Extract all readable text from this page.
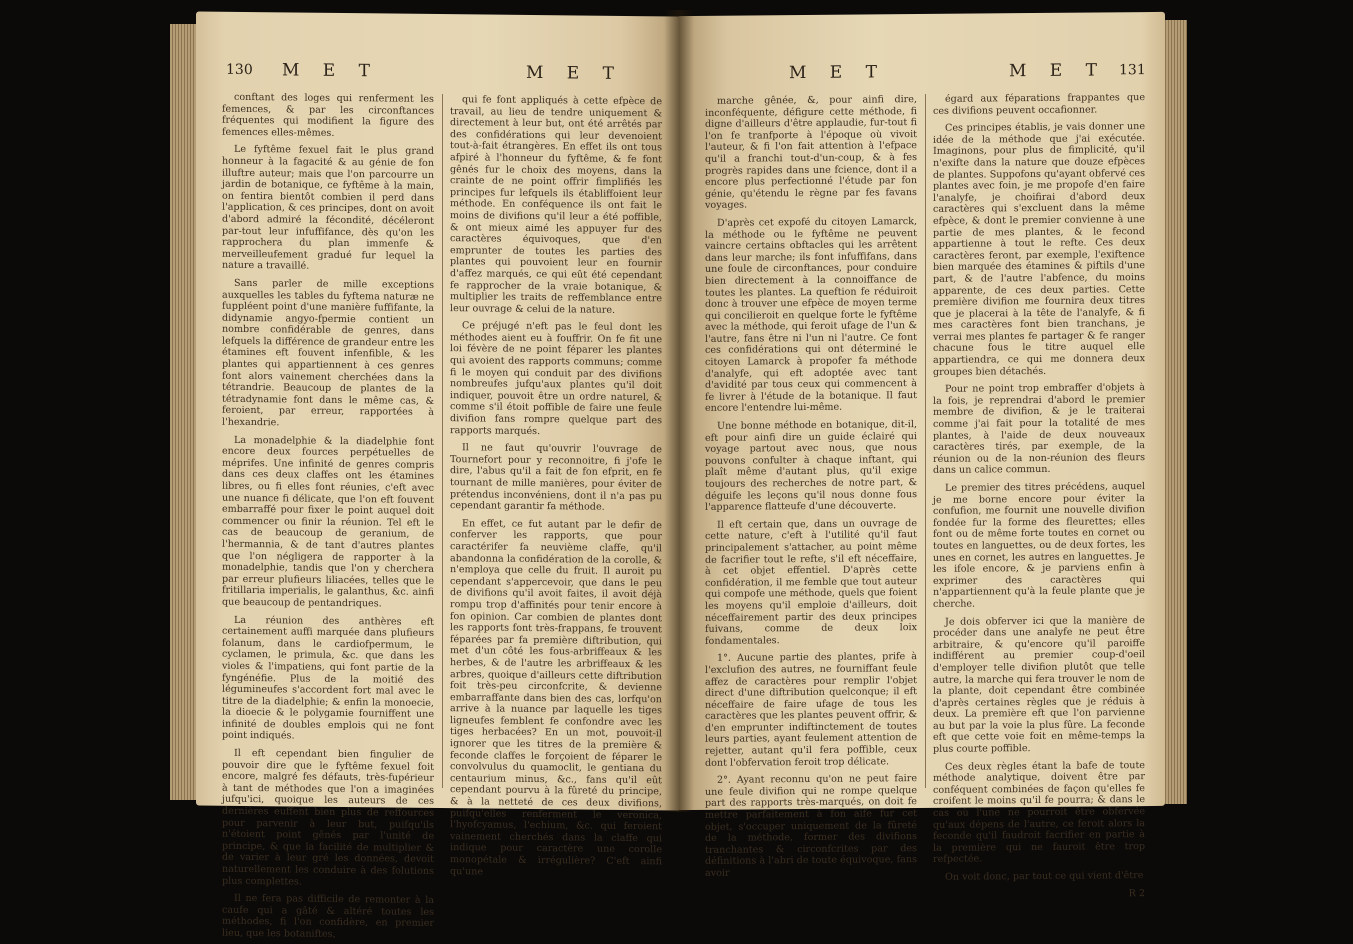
130 M E T	M E T

conftant des loges qui renferment les femences, & par les circonftances fréquentes qui modifient la figure des femences elles-mêmes.

Le fyftême fexuel fait le plus grand honneur à la fagacité & au génie de fon illuftre auteur; mais que l'on parcourre un jardin de botanique, ce fyftême à la main, on fentira bientôt combien il perd dans l'application, & ces principes, dont on avoit d'abord admiré la fécondité, décéleront par-tout leur infuffifance, dès qu'on les rapprochera du plan immenfe & merveilleufement gradué fur lequel la nature a travaillé.

Sans parler de mille exceptions auxquelles les tables du fyftema naturæ ne fuppléent point d'une manière fuffifante, la didynamie angyo-fpermie contient un nombre confidérable de genres, dans lefquels la différence de grandeur entre les étamines eft fouvent infenfible, & les plantes qui appartiennent à ces genres font alors vainement cherchées dans la tétrandrie. Beaucoup de plantes de la tétradynamie font dans le même cas, & feroient, par erreur, rapportées à l'hexandrie.

La monadelphie & la diadelphie font encore deux fources perpétuelles de méprifes. Une infinité de genres compris dans ces deux claffes ont les étamines libres, ou fi elles font réunies, c'eft avec une nuance fi délicate, que l'on eft fouvent embarraffé pour fixer le point auquel doit commencer ou finir la réunion. Tel eft le cas de beaucoup de geranium, de l'hermannia, & de tant d'autres plantes que l'on négligera de rapporter à la monadelphie, tandis que l'on y cherchera par erreur plufieurs liliacées, telles que le fritillaria imperialis, le galanthus, &c. ainfi que beaucoup de pentandriques.

La réunion des anthères eft certainement auffi marquée dans plufieurs folanum, dans le cardiofpermum, le cyclamen, le primula, &c. que dans les violes & l'impatiens, qui font partie de la fyngénéfie. Plus de la moitié des légumineufes s'accordent fort mal avec le titre de la diadelphie; & enfin la monoecie, la dioecie & le polygamie fourniffent une infinité de doubles emplois qui ne font point indiqués.

Il eft cependant bien fingulier de pouvoir dire que le fyftême fexuel foit encore, malgré fes défauts, très-fupérieur à tant de méthodes que l'on a imaginées jufqu'ici, quoique les auteurs de ces dernières euffent bien plus de reffources pour parvenir à leur but, puifqu'ils n'étoient point gênés par l'unité de principe, & que la facilité de multiplier & de varier à leur gré les données, devoit naturellement les conduire à des folutions plus complettes.

Il ne fera pas difficile de remonter à la caufe qui a gâté & altéré toutes les méthodes, fi l'on confidère, en premier lieu, que les botaniftes,

qui fe font appliqués à cette efpèce de travail, au lieu de tendre uniquement & directement à leur but, ont été arrêtés par des confidérations qui leur devenoient tout-à-fait étrangères. En effet ils ont tous afpiré à l'honneur du fyftême, & fe font gênés fur le choix des moyens, dans la crainte de ne point offrir fimplifiés les principes fur lefquels ils établiffoient leur méthode. En conféquence ils ont fait le moins de divifions qu'il leur a été poffible, & ont mieux aimé les appuyer fur des caractères équivoques, que d'en emprunter de toutes les parties des plantes qui pouvoient leur en fournir d'affez marqués, ce qui eût été cependant fe rapprocher de la vraie botanique, & multiplier les traits de reffemblance entre leur ouvrage & celui de la nature.

Ce préjugé n'eft pas le feul dont les méthodes aient eu à fouffrir. On fe fit une loi févère de ne point féparer les plantes qui avoient des rapports communs; comme fi le moyen qui conduit par des divifions nombreufes jufqu'aux plantes qu'il doit indiquer, pouvoit être un ordre naturel, & comme s'il étoit poffible de faire une feule divifion fans rompre quelque part des rapports marqués.

Il ne faut qu'ouvrir l'ouvrage de Tournefort pour y reconnoitre, fi j'ofe le dire, l'abus qu'il a fait de fon efprit, en fe tournant de mille manières, pour éviter de prétendus inconvéniens, dont il n'a pas pu cependant garantir fa méthode.

En effet, ce fut autant par le defir de conferver les rapports, que pour caractérifer fa neuvième claffe, qu'il abandonna la confidération de la corolle, & n'employa que celle du fruit. Il auroit pu cependant s'appercevoir, que dans le peu de divifions qu'il avoit faites, il avoit déjà rompu trop d'affinités pour tenir encore à fon opinion. Car combien de plantes dont les rapports font très-frappans, fe trouvent féparées par fa première diftribution, qui met d'un côté les fous-arbriffeaux & les herbes, & de l'autre les arbriffeaux & les arbres, quoique d'ailleurs cette diftribution foit très-peu circonfcrite, & devienne embarraffante dans bien des cas, lorfqu'on arrive à la nuance par laquelle les tiges ligneufes femblent fe confondre avec les tiges herbacées? En un mot, pouvoit-il ignorer que les titres de la première & feconde claffes le forçoient de féparer le convolvulus du quamoclit, le gentiana du centaurium minus, &c., fans qu'il eût cependant pourvu à la fûreté du principe, & à la netteté de ces deux divifions, puifqu'elles renferment le veronica, l'hyofcyamus, l'echium, &c. qui feroient vainement cherchés dans la claffe qui indique pour caractère une corolle monopétale & irrégulière? C'eft ainfi qu'une

M E T	M E T 131

marche gênée, &, pour ainfi dire, inconféquente, défigure cette méthode, fi digne d'ailleurs d'être applaudie, fur-tout fi l'on fe tranfporte à l'époque où vivoit l'auteur, & fi l'on fait attention à l'efpace qu'il a franchi tout-d'un-coup, & à fes progrès rapides dans une fcience, dont il a encore plus perfectionné l'étude par fon génie, qu'étendu le règne par fes favans voyages.

D'après cet expofé du citoyen Lamarck, la méthode ou le fyftême ne peuvent vaincre certains obftacles qui les arrêtent dans leur marche; ils font infuffifans, dans une foule de circonftances, pour conduire bien directement à la connoiffance de toutes les plantes. La queftion fe réduiroit donc à trouver une efpèce de moyen terme qui concilieroit en quelque forte le fyftême avec la méthode, qui feroit ufage de l'un & l'autre, fans être ni l'un ni l'autre. Ce font ces confidérations qui ont déterminé le citoyen Lamarck à propofer fa méthode d'analyfe, qui eft adoptée avec tant d'avidité par tous ceux qui commencent à fe livrer à l'étude de la botanique. Il faut encore l'entendre lui-même.

Une bonne méthode en botanique, dit-il, eft pour ainfi dire un guide éclairé qui voyage partout avec nous, que nous pouvons confulter à chaque inftant, qui plaît même d'autant plus, qu'il exige toujours des recherches de notre part, & déguife les leçons qu'il nous donne fous l'apparence flatteufe d'une découverte.

Il eft certain que, dans un ouvrage de cette nature, c'eft à l'utilité qu'il faut principalement s'attacher, au point même de facrifier tout le refte, s'il eft néceffaire, à cet objet effentiel. D'après cette confidération, il me femble que tout auteur qui compofe une méthode, quels que foient les moyens qu'il emploie d'ailleurs, doit néceffairement partir des deux principes fuivans, comme de deux loix fondamentales.

1°. Aucune partie des plantes, prife à l'exclufion des autres, ne fourniffant feule affez de caractères pour remplir l'objet direct d'une diftribution quelconque; il eft néceffaire de faire ufage de tous les caractères que les plantes peuvent offrir, & d'en emprunter indiftinctement de toutes leurs parties, ayant feulement attention de rejetter, autant qu'il fera poffible, ceux dont l'obfervation feroit trop délicate.

2°. Ayant reconnu qu'on ne peut faire une feule divifion qui ne rompe quelque part des rapports très-marqués, on doit fe mettre parfaitement à fon aife fur cet objet, s'occuper uniquement de la fûreté de la méthode, former des divifions tranchantes & circonfcrites par des définitions à l'abri de toute équivoque, fans avoir

égard aux féparations frappantes que ces divifions peuvent occafionner.

Ces principes établis, je vais donner une idée de la méthode que j'ai exécutée. Imaginons, pour plus de fimplicité, qu'il n'exifte dans la nature que douze efpèces de plantes. Suppofons qu'ayant obfervé ces plantes avec foin, je me propofe d'en faire l'analyfe, je choifirai d'abord deux caractères qui s'excluent dans la même efpèce, & dont le premier convienne à une partie de mes plantes, & le fecond appartienne à tout le refte. Ces deux caractères feront, par exemple, l'exiftence bien marquée des étamines & piftils d'une part, & de l'autre l'abfence, du moins apparente, de ces deux parties. Cette première divifion me fournira deux titres que je placerai à la tête de l'analyfe, & fi mes caractères font bien tranchans, je verrai mes plantes fe partager & fe ranger chacune fous le titre auquel elle appartiendra, ce qui me donnera deux groupes bien détachés.

Pour ne point trop embraffer d'objets à la fois, je reprendrai d'abord le premier membre de divifion, & je le traiterai comme j'ai fait pour la totalité de mes plantes, à l'aide de deux nouveaux caractères tirés, par exemple, de la réunion ou de la non-réunion des fleurs dans un calice commun.

Le premier des titres précédens, auquel je me borne encore pour éviter la confufion, me fournit une nouvelle divifion fondée fur la forme des fleurettes; elles font ou de même forte toutes en cornet ou toutes en languettes, ou de deux fortes, les unes en cornet, les autres en languettes. Je les ifole encore, & je parviens enfin à exprimer des caractères qui n'appartiennent qu'à la feule plante que je cherche.

Je dois obferver ici que la manière de procéder dans une analyfe ne peut être arbitraire, & qu'encore qu'il paroiffe indifférent au premier coup-d'oeil d'employer telle divifion plutôt que telle autre, la marche qui fera trouver le nom de la plante, doit cependant être combinée d'après certaines règles que je réduis à deux. La première eft que l'on parvienne au but par la voie la plus fûre. La feconde eft que cette voie foit en même-temps la plus courte poffible.

Ces deux règles étant la bafe de toute méthode analytique, doivent être par conféquent combinées de façon qu'elles fe croifent le moins qu'il fe pourra; & dans le cas où l'une ne pourroit être obfervée qu'aux dépens de l'autre, ce feroit alors la feconde qu'il faudroit facrifier en partie à la première qui ne fauroit être trop refpectée.

On voit donc, par tout ce qui vient d'être

R 2
